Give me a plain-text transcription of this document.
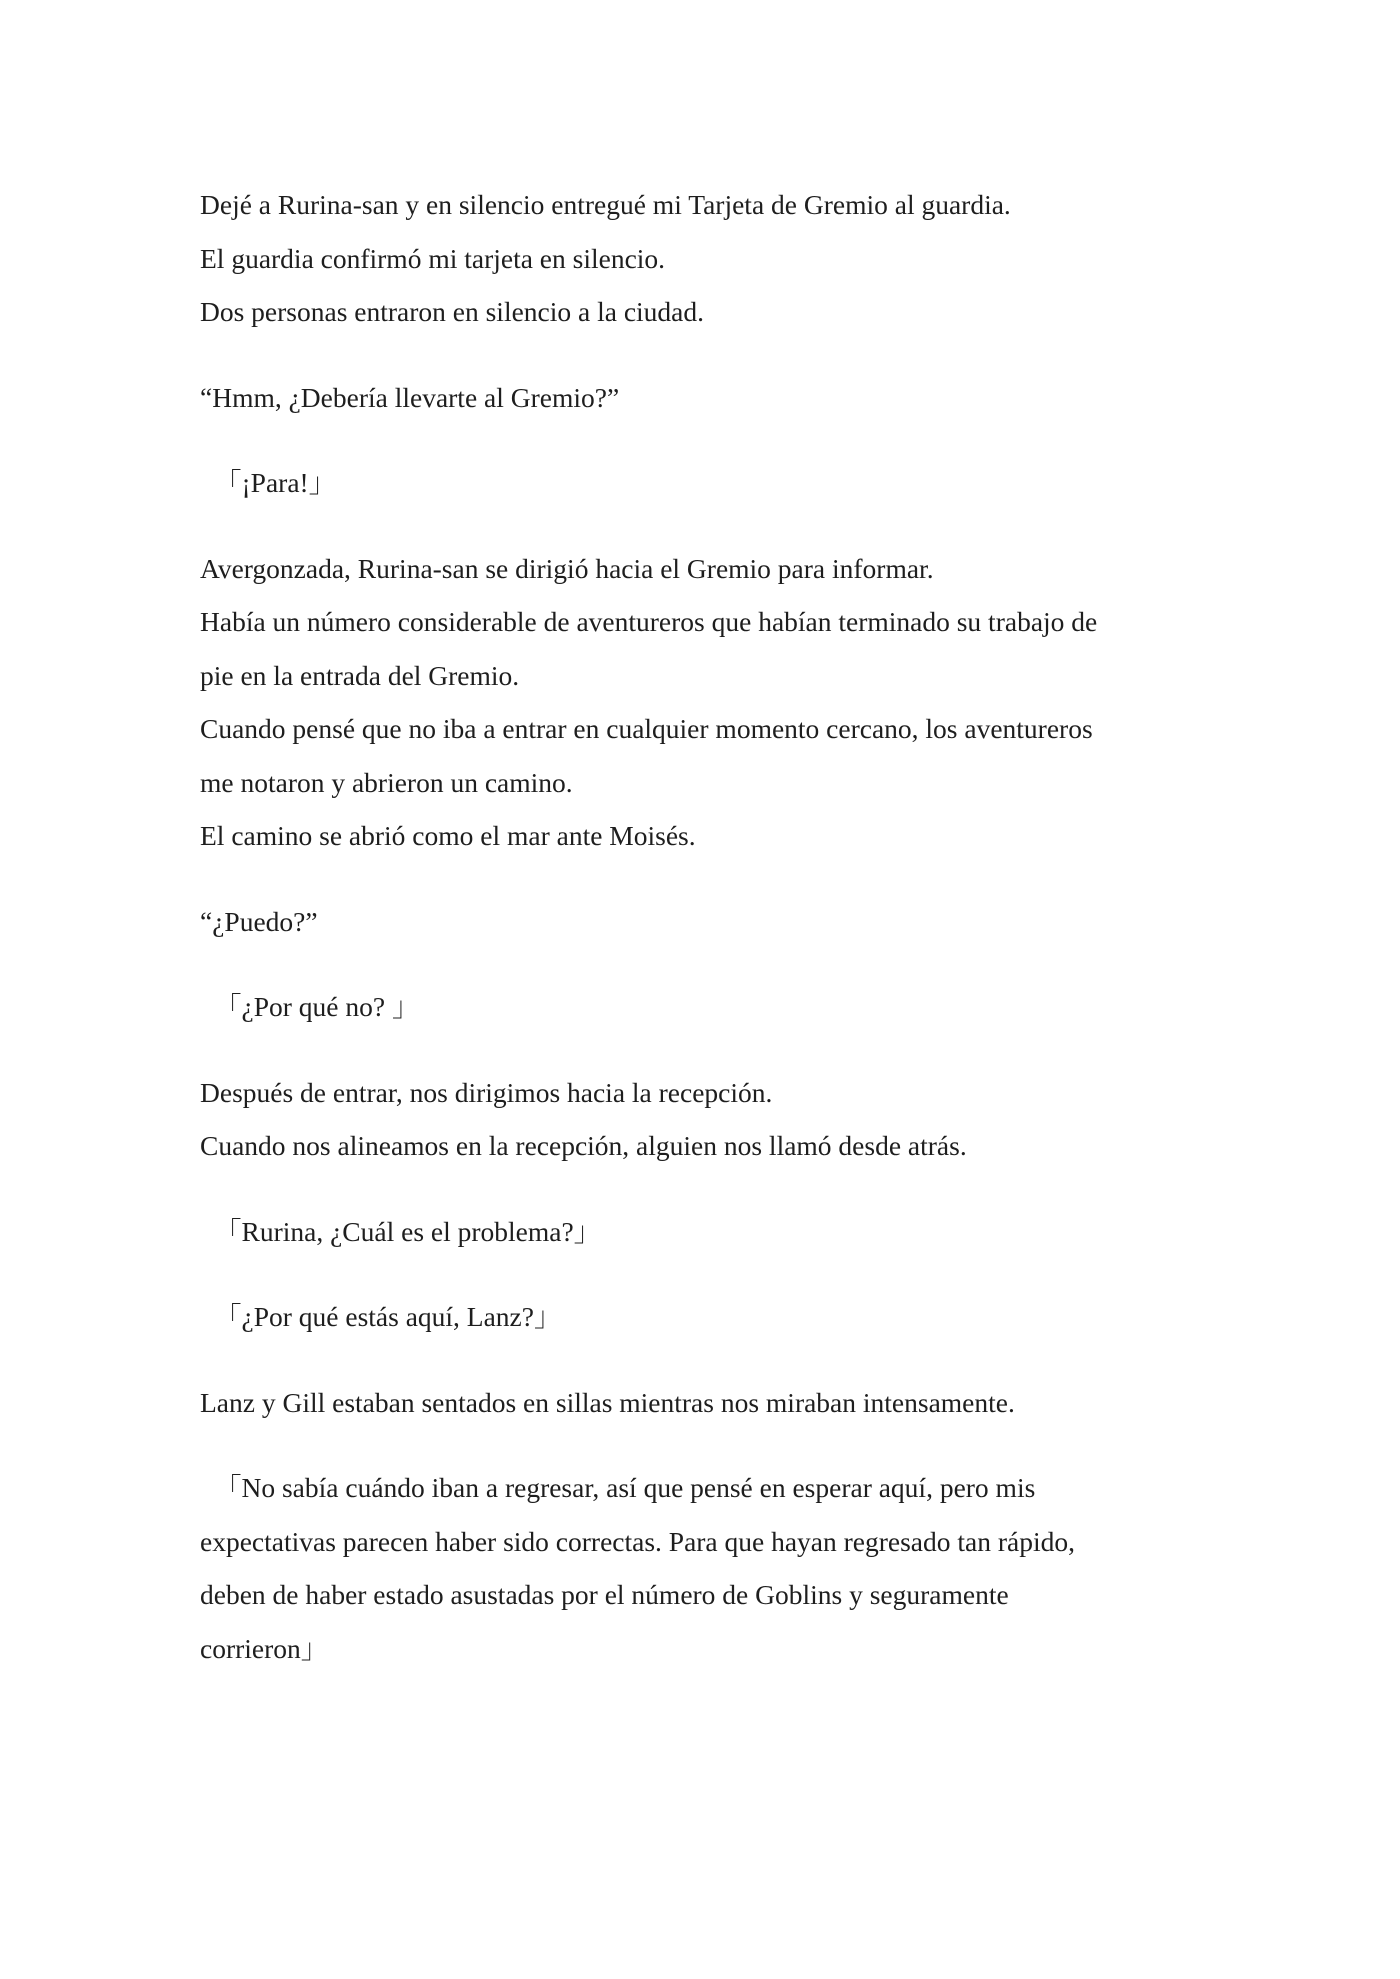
Dejé a Rurina-san y en silencio entregué mi Tarjeta de Gremio al guardia.
El guardia confirmó mi tarjeta en silencio.
Dos personas entraron en silencio a la ciudad.

“Hmm, ¿Debería llevarte al Gremio?”

「¡Para!」

Avergonzada, Rurina-san se dirigió hacia el Gremio para informar.
Había un número considerable de aventureros que habían terminado su trabajo de
pie en la entrada del Gremio.
Cuando pensé que no iba a entrar en cualquier momento cercano, los aventureros
me notaron y abrieron un camino.
El camino se abrió como el mar ante Moisés.

“¿Puedo?”

「¿Por qué no? 」

Después de entrar, nos dirigimos hacia la recepción.
Cuando nos alineamos en la recepción, alguien nos llamó desde atrás.

「Rurina, ¿Cuál es el problema?」

「¿Por qué estás aquí, Lanz?」

Lanz y Gill estaban sentados en sillas mientras nos miraban intensamente.

「No sabía cuándo iban a regresar, así que pensé en esperar aquí, pero mis
expectativas parecen haber sido correctas. Para que hayan regresado tan rápido,
deben de haber estado asustadas por el número de Goblins y seguramente
corrieron」
